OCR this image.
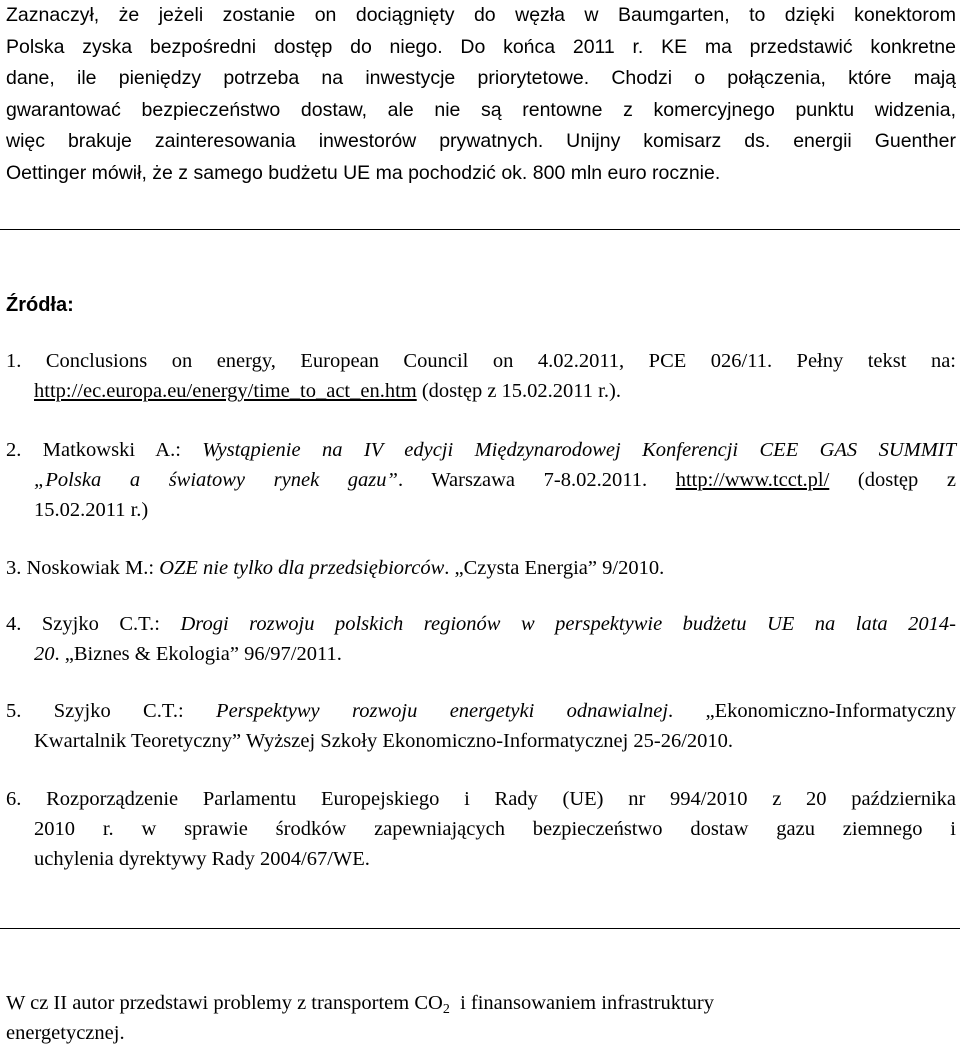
Zaznaczył, że jeżeli zostanie on dociągnięty do węzła w Baumgarten, to dzięki konektorom
Polska zyska bezpośredni dostęp do niego. Do końca 2011 r. KE ma przedstawić konkretne
dane, ile pieniędzy potrzeba na inwestycje priorytetowe. Chodzi o połączenia, które mają
gwarantować bezpieczeństwo dostaw, ale nie są rentowne z komercyjnego punktu widzenia,
więc brakuje zainteresowania inwestorów prywatnych. Unijny komisarz ds. energii Guenther
Oettinger mówił, że z samego budżetu UE ma pochodzić ok. 800 mln euro rocznie.
Źródła:
1. Conclusions on energy, European Council on 4.02.2011, PCE 026/11. Pełny tekst na:
http://ec.europa.eu/energy/time_to_act_en.htm (dostęp z 15.02.2011 r.).
2. Matkowski A.: Wystąpienie na IV edycji Międzynarodowej Konferencji CEE GAS SUMMIT
„Polska a światowy rynek gazu”. Warszawa 7-8.02.2011. http://www.tcct.pl/ (dostęp z
15.02.2011 r.)
3. Noskowiak M.: OZE nie tylko dla przedsiębiorców. „Czysta Energia” 9/2010.
4. Szyjko C.T.: Drogi rozwoju polskich regionów w perspektywie budżetu UE na lata 2014-
20. „Biznes & Ekologia” 96/97/2011.
5. Szyjko C.T.: Perspektywy rozwoju energetyki odnawialnej. „Ekonomiczno-Informatyczny
Kwartalnik Teoretyczny” Wyższej Szkoły Ekonomiczno-Informatycznej 25-26/2010.
6. Rozporządzenie Parlamentu Europejskiego i Rady (UE) nr 994/2010 z 20 października
2010 r. w sprawie środków zapewniających bezpieczeństwo dostaw gazu ziemnego i
uchylenia dyrektywy Rady 2004/67/WE.
W cz II autor przedstawi problemy z transportem $CO_2$  i finansowaniem infrastruktury
energetycznej.
